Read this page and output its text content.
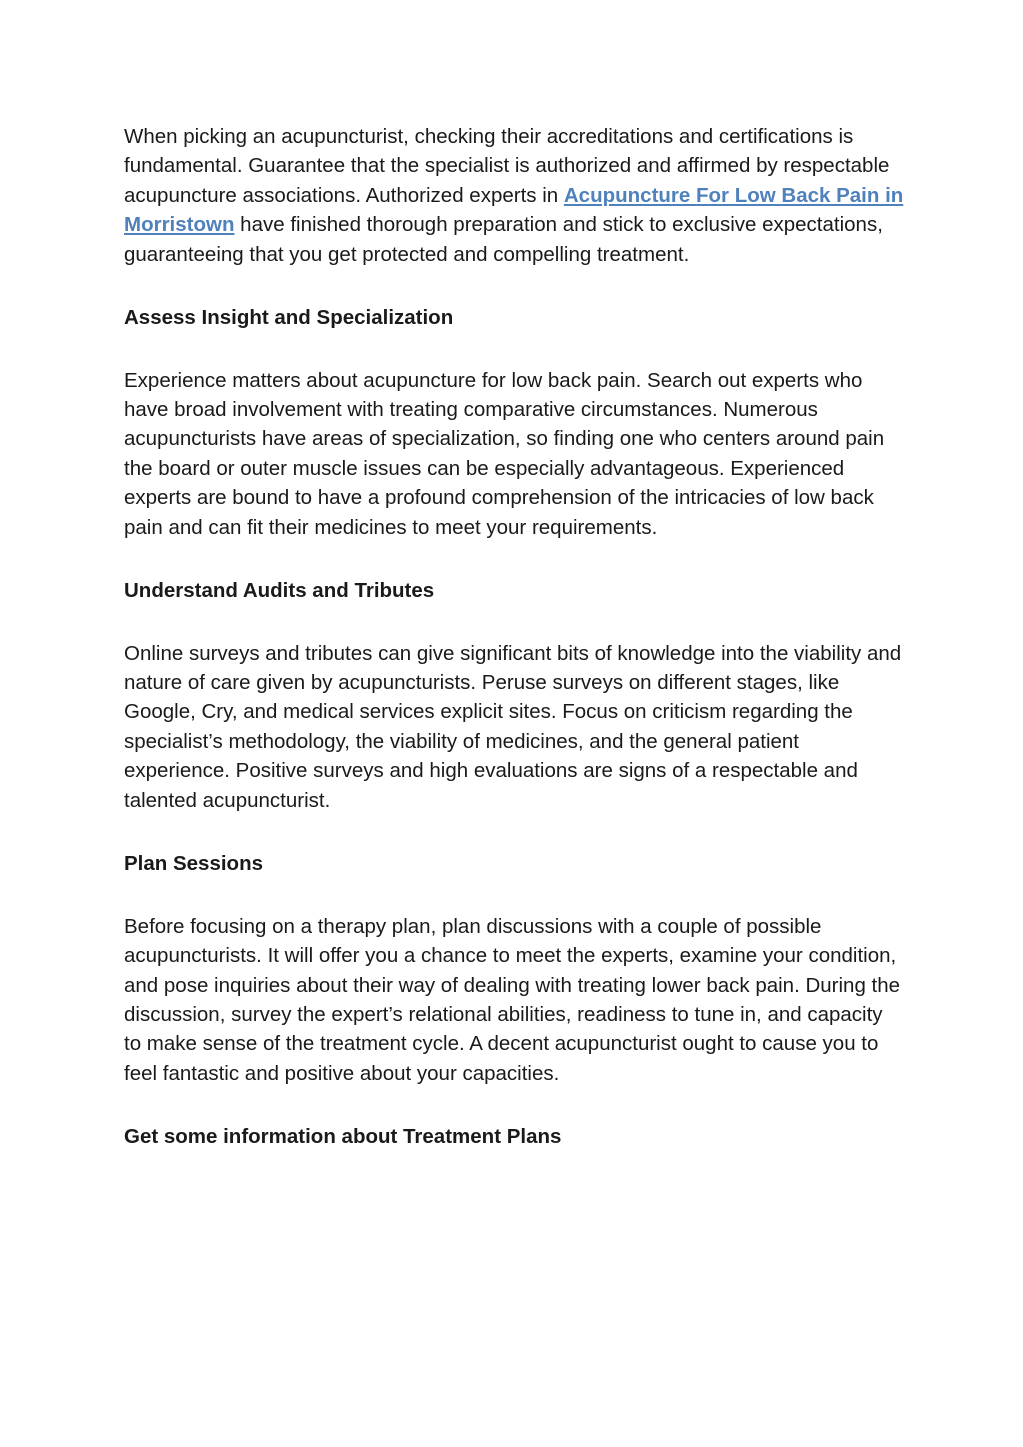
When picking an acupuncturist, checking their accreditations and certifications is fundamental. Guarantee that the specialist is authorized and affirmed by respectable acupuncture associations. Authorized experts in Acupuncture For Low Back Pain in Morristown have finished thorough preparation and stick to exclusive expectations, guaranteeing that you get protected and compelling treatment.

Assess Insight and Specialization

Experience matters about acupuncture for low back pain. Search out experts who have broad involvement with treating comparative circumstances. Numerous acupuncturists have areas of specialization, so finding one who centers around pain the board or outer muscle issues can be especially advantageous. Experienced experts are bound to have a profound comprehension of the intricacies of low back pain and can fit their medicines to meet your requirements.

Understand Audits and Tributes

Online surveys and tributes can give significant bits of knowledge into the viability and nature of care given by acupuncturists. Peruse surveys on different stages, like Google, Cry, and medical services explicit sites. Focus on criticism regarding the specialist’s methodology, the viability of medicines, and the general patient experience. Positive surveys and high evaluations are signs of a respectable and talented acupuncturist.

Plan Sessions

Before focusing on a therapy plan, plan discussions with a couple of possible acupuncturists. It will offer you a chance to meet the experts, examine your condition, and pose inquiries about their way of dealing with treating lower back pain. During the discussion, survey the expert’s relational abilities, readiness to tune in, and capacity to make sense of the treatment cycle. A decent acupuncturist ought to cause you to feel fantastic and positive about your capacities.

Get some information about Treatment Plans
